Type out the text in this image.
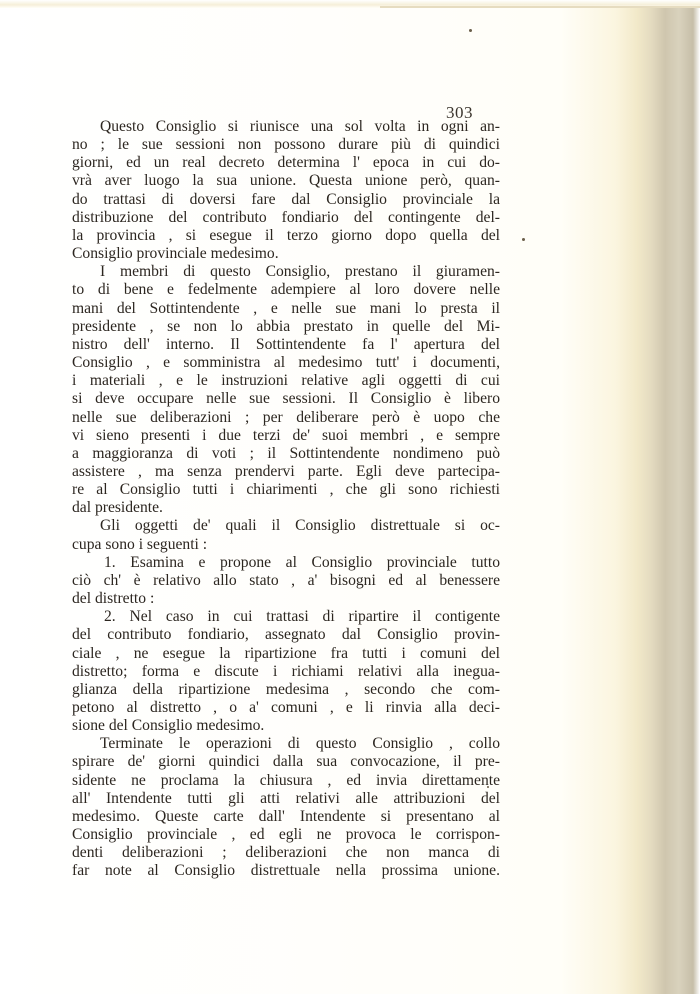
303
Questo Consiglio si riunisce una sol volta in ogni an-
no ; le sue sessioni non possono durare più di quindici
giorni, ed un real decreto determina l' epoca in cui do-
vrà aver luogo la sua unione. Questa unione però, quan-
do trattasi di doversi fare dal Consiglio provinciale la
distribuzione del contributo fondiario del contingente del-
la provincia , si esegue il terzo giorno dopo quella del
Consiglio provinciale medesimo.
I membri di questo Consiglio, prestano il giuramen-
to di bene e fedelmente adempiere al loro dovere nelle
mani del Sottintendente , e nelle sue mani lo presta il
presidente , se non lo abbia prestato in quelle del Mi-
nistro dell' interno. Il Sottintendente fa l' apertura del
Consiglio , e somministra al medesimo tutt' i documenti,
i materiali , e le instruzioni relative agli oggetti di cui
si deve occupare nelle sue sessioni. Il Consiglio è libero
nelle sue deliberazioni ; per deliberare però è uopo che
vi sieno presenti i due terzi de' suoi membri , e sempre
a maggioranza di voti ; il Sottintendente nondimeno può
assistere , ma senza prendervi parte. Egli deve partecipa-
re al Consiglio tutti i chiarimenti , che gli sono richiesti
dal presidente.
Gli oggetti de' quali il Consiglio distrettuale si oc-
cupa sono i seguenti :
1. Esamina e propone al Consiglio provinciale tutto
ciò ch' è relativo allo stato , a' bisogni ed al benessere
del distretto :
2. Nel caso in cui trattasi di ripartire il contigente
del contributo fondiario, assegnato dal Consiglio provin-
ciale , ne esegue la ripartizione fra tutti i comuni del
distretto; forma e discute i richiami relativi alla inegua-
glianza della ripartizione medesima , secondo che com-
petono al distretto , o a' comuni , e li rinvia alla deci-
sione del Consiglio medesimo.
Terminate le operazioni di questo Consiglio , collo
spirare de' giorni quindici dalla sua convocazione, il pre-
sidente ne proclama la chiusura , ed invia direttamente
all' Intendente tutti gli atti relativi alle attribuzioni del
medesimo. Queste carte dall' Intendente si presentano al
Consiglio provinciale , ed egli ne provoca le corrispon-
denti deliberazioni ; deliberazioni che non manca di
far note al Consiglio distrettuale nella prossima unione.
